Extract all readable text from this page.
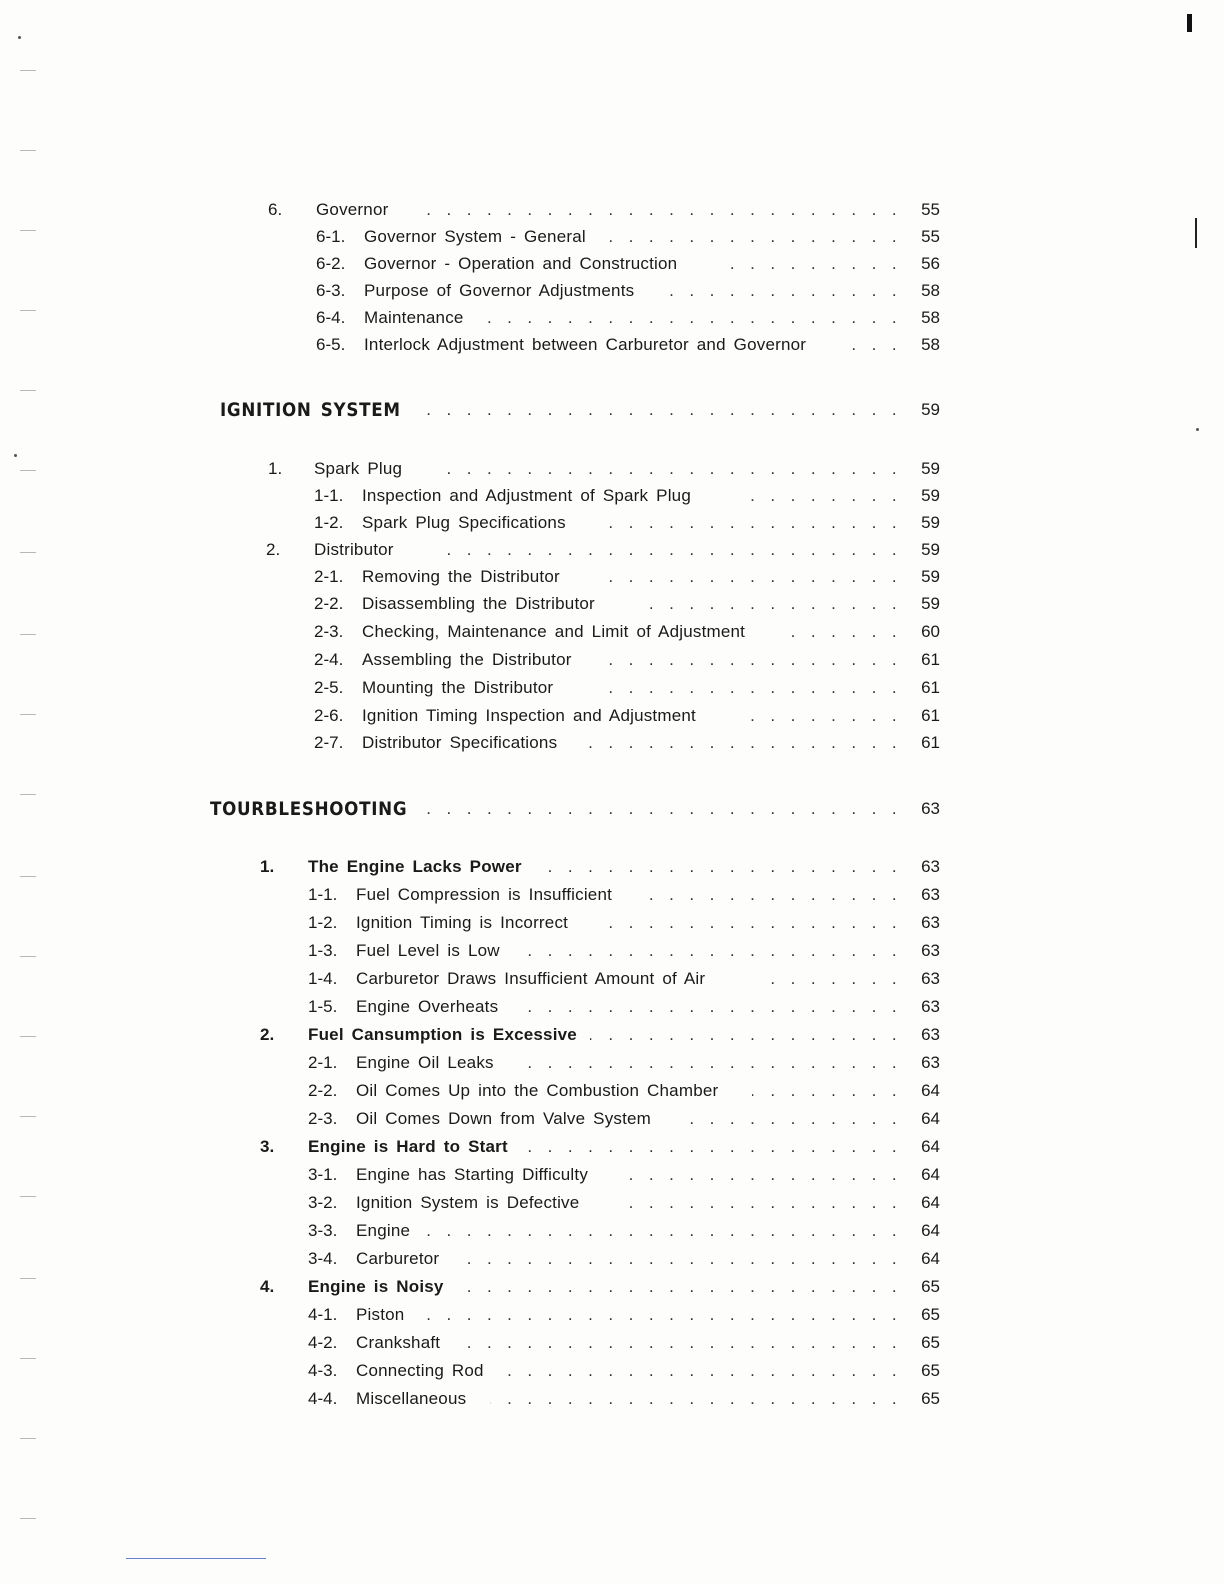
6. Governor . . .	55
6-1. Governor System - General . . .	55
6-2. Governor - Operation and Construction . . .	56
6-3. Purpose of Governor Adjustments . . .	58
6-4. Maintenance . . .	58
6-5. Interlock Adjustment between Carburetor and Governor . . .	58
IGNITION SYSTEM . . .	59
1. Spark Plug . . .	59
1-1. Inspection and Adjustment of Spark Plug . . .	59
1-2. Spark Plug Specifications . . .	59
2. Distributor . . .	59
2-1. Removing the Distributor . . .	59
2-2. Disassembling the Distributor . . .	59
2-3. Checking, Maintenance and Limit of Adjustment . . .	60
2-4. Assembling the Distributor . . .	61
2-5. Mounting the Distributor . . .	61
2-6. Ignition Timing Inspection and Adjustment . . .	61
2-7. Distributor Specifications . . .	61
TOURBLESHOOTING . . .	63
1. The Engine Lacks Power . . .	63
1-1. Fuel Compression is Insufficient . . .	63
1-2. Ignition Timing is Incorrect . . .	63
1-3. Fuel Level is Low . . .	63
1-4. Carburetor Draws Insufficient Amount of Air . . .	63
1-5. Engine Overheats . . .	63
2. Fuel Cansumption is Excessive . . .	63
2-1. Engine Oil Leaks . . .	63
2-2. Oil Comes Up into the Combustion Chamber . . .	64
2-3. Oil Comes Down from Valve System . . .	64
3. Engine is Hard to Start . . .	64
3-1. Engine has Starting Difficulty . . .	64
3-2. Ignition System is Defective . . .	64
3-3. Engine . . .	64
3-4. Carburetor . . .	64
4. Engine is Noisy . . .	65
4-1. Piston . . .	65
4-2. Crankshaft . . .	65
4-3. Connecting Rod . . .	65
4-4. Miscellaneous . . .	65
